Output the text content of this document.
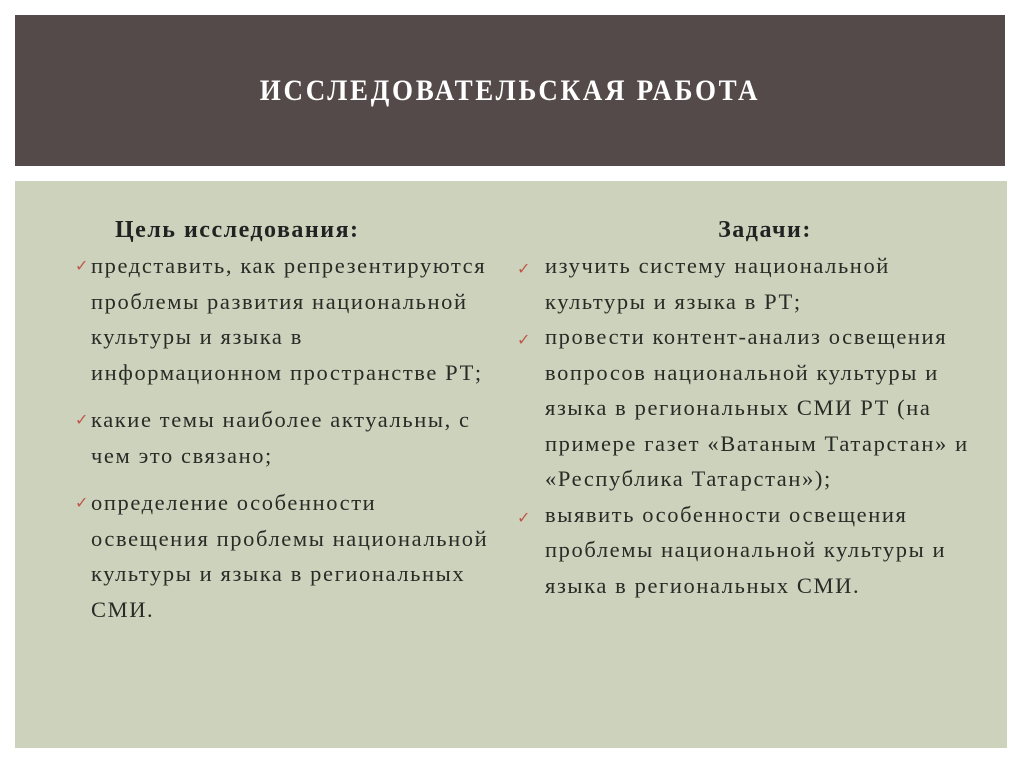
ИССЛЕДОВАТЕЛЬСКАЯ РАБОТА
Цель исследования:
✓ представить, как репрезентируются проблемы развития национальной культуры и языка в информационном пространстве РТ;
✓ какие темы наиболее актуальны, с чем это связано;
✓ определение особенности освещения проблемы национальной культуры и языка в региональных СМИ.
Задачи:
✓ изучить систему национальной культуры и языка в РТ;
✓ провести контент-анализ освещения вопросов национальной культуры и языка в региональных СМИ РТ (на примере газет «Ватаным Татарстан» и «Республика Татарстан»);
✓ выявить особенности освещения проблемы национальной культуры и языка в региональных СМИ.
